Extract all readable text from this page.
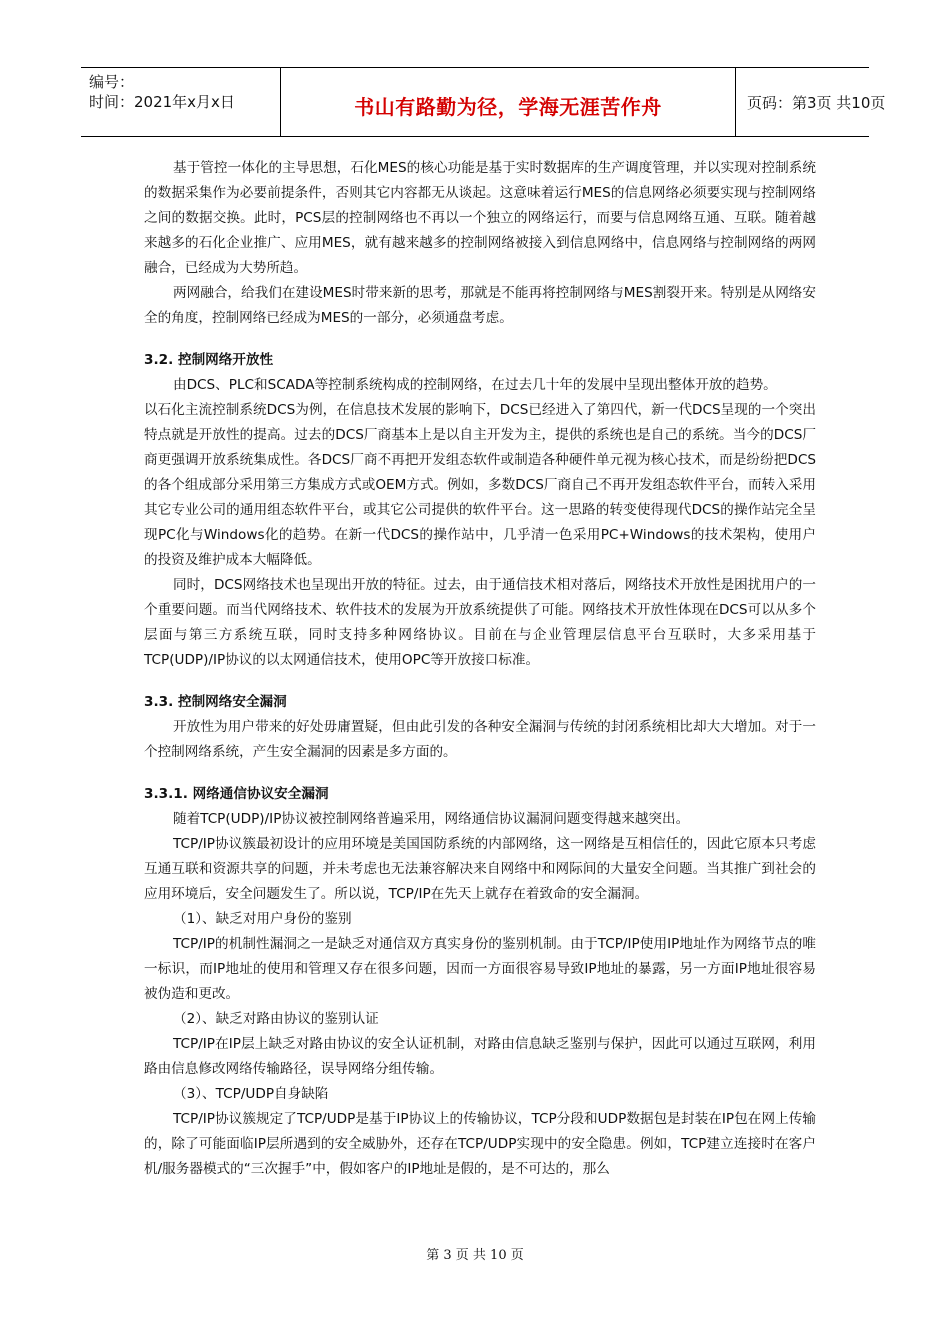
编号：
时间：2021年x月x日	书山有路勤为径，学海无涯苦作舟	页码：第3页 共10页

基于管控一体化的主导思想，石化MES的核心功能是基于实时数据库的生产调度管理，并以实现对控制系统的数据采集作为必要前提条件，否则其它内容都无从谈起。这意味着运行MES的信息网络必须要实现与控制网络之间的数据交换。此时，PCS层的控制网络也不再以一个独立的网络运行，而要与信息网络互通、互联。随着越来越多的石化企业推广、应用MES，就有越来越多的控制网络被接入到信息网络中，信息网络与控制网络的两网融合，已经成为大势所趋。

两网融合，给我们在建设MES时带来新的思考，那就是不能再将控制网络与MES割裂开来。特别是从网络安全的角度，控制网络已经成为MES的一部分，必须通盘考虑。

3.2. 控制网络开放性

由DCS、PLC和SCADA等控制系统构成的控制网络，在过去几十年的发展中呈现出整体开放的趋势。

以石化主流控制系统DCS为例，在信息技术发展的影响下，DCS已经进入了第四代，新一代DCS呈现的一个突出特点就是开放性的提高。过去的DCS厂商基本上是以自主开发为主，提供的系统也是自己的系统。当今的DCS厂商更强调开放系统集成性。各DCS厂商不再把开发组态软件或制造各种硬件单元视为核心技术，而是纷纷把DCS的各个组成部分采用第三方集成方式或OEM方式。例如，多数DCS厂商自己不再开发组态软件平台，而转入采用其它专业公司的通用组态软件平台，或其它公司提供的软件平台。这一思路的转变使得现代DCS的操作站完全呈现PC化与Windows化的趋势。在新一代DCS的操作站中，几乎清一色采用PC+Windows的技术架构，使用户的投资及维护成本大幅降低。

同时，DCS网络技术也呈现出开放的特征。过去，由于通信技术相对落后，网络技术开放性是困扰用户的一个重要问题。而当代网络技术、软件技术的发展为开放系统提供了可能。网络技术开放性体现在DCS可以从多个层面与第三方系统互联，同时支持多种网络协议。目前在与企业管理层信息平台互联时，大多采用基于TCP(UDP)/IP协议的以太网通信技术，使用OPC等开放接口标准。

3.3. 控制网络安全漏洞

开放性为用户带来的好处毋庸置疑，但由此引发的各种安全漏洞与传统的封闭系统相比却大大增加。对于一个控制网络系统，产生安全漏洞的因素是多方面的。

3.3.1. 网络通信协议安全漏洞

随着TCP(UDP)/IP协议被控制网络普遍采用，网络通信协议漏洞问题变得越来越突出。

TCP/IP协议簇最初设计的应用环境是美国国防系统的内部网络，这一网络是互相信任的，因此它原本只考虑互通互联和资源共享的问题，并未考虑也无法兼容解决来自网络中和网际间的大量安全问题。当其推广到社会的应用环境后，安全问题发生了。所以说，TCP/IP在先天上就存在着致命的安全漏洞。

（1）、缺乏对用户身份的鉴别

TCP/IP的机制性漏洞之一是缺乏对通信双方真实身份的鉴别机制。由于TCP/IP使用IP地址作为网络节点的唯一标识，而IP地址的使用和管理又存在很多问题，因而一方面很容易导致IP地址的暴露，另一方面IP地址很容易被伪造和更改。

（2）、缺乏对路由协议的鉴别认证

TCP/IP在IP层上缺乏对路由协议的安全认证机制，对路由信息缺乏鉴别与保护，因此可以通过互联网，利用路由信息修改网络传输路径，误导网络分组传输。

（3）、TCP/UDP自身缺陷

TCP/IP协议簇规定了TCP/UDP是基于IP协议上的传输协议，TCP分段和UDP数据包是封装在IP包在网上传输的，除了可能面临IP层所遇到的安全威胁外，还存在TCP/UDP实现中的安全隐患。例如，TCP建立连接时在客户机/服务器模式的“三次握手”中，假如客户的IP地址是假的，是不可达的，那么

第 3 页 共 10 页
